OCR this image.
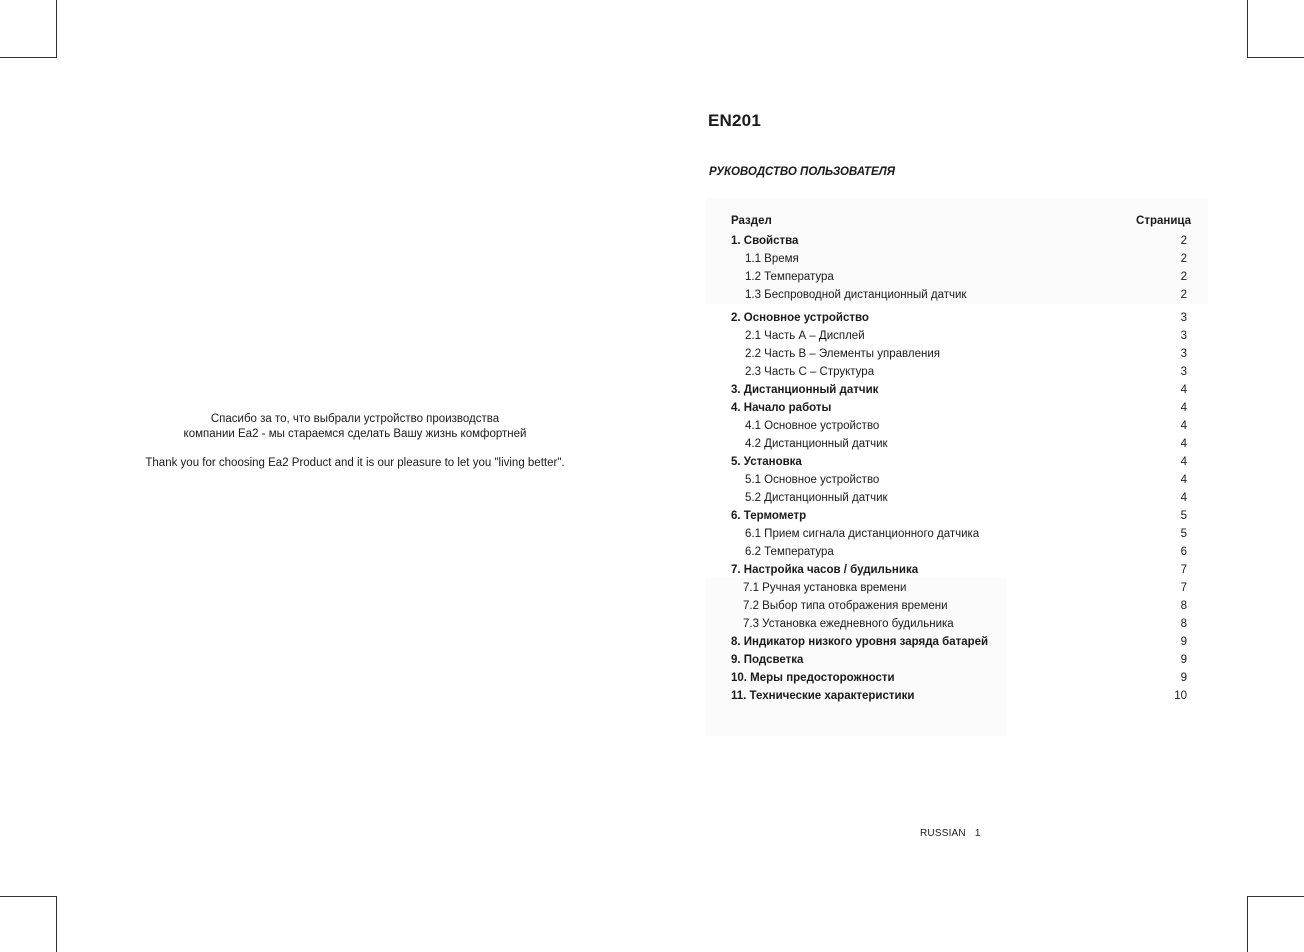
Спасибо за то, что выбрали устройство производства
компании Ea2 - мы стараемся сделать Вашу жизнь комфортней
Thank you for choosing Ea2 Product and it is our pleasure to let you "living better".
EN201
РУКОВОДСТВО ПОЛЬЗОВАТЕЛЯ
Раздел	Страница
1. Свойства	2
1.1 Время	2
1.2 Температура	2
1.3 Беспроводной дистанционный датчик	2
2. Основное устройство	3
2.1 Часть А – Дисплей	3
2.2 Часть В – Элементы управления	3
2.3 Часть С – Структура	3
3. Дистанционный датчик	4
4. Начало работы	4
4.1 Основное устройство	4
4.2 Дистанционный датчик	4
5. Установка	4
5.1 Основное устройство	4
5.2 Дистанционный датчик	4
6. Термометр	5
6.1 Прием сигнала дистанционного датчика	5
6.2 Температура	6
7. Настройка часов / будильника	7
7.1 Ручная установка времени	7
7.2 Выбор типа отображения времени	8
7.3 Установка ежедневного будильника	8
8. Индикатор низкого уровня заряда батарей	9
9. Подсветка	9
10. Меры предосторожности	9
11. Технические характеристики	10
RUSSIAN 1
